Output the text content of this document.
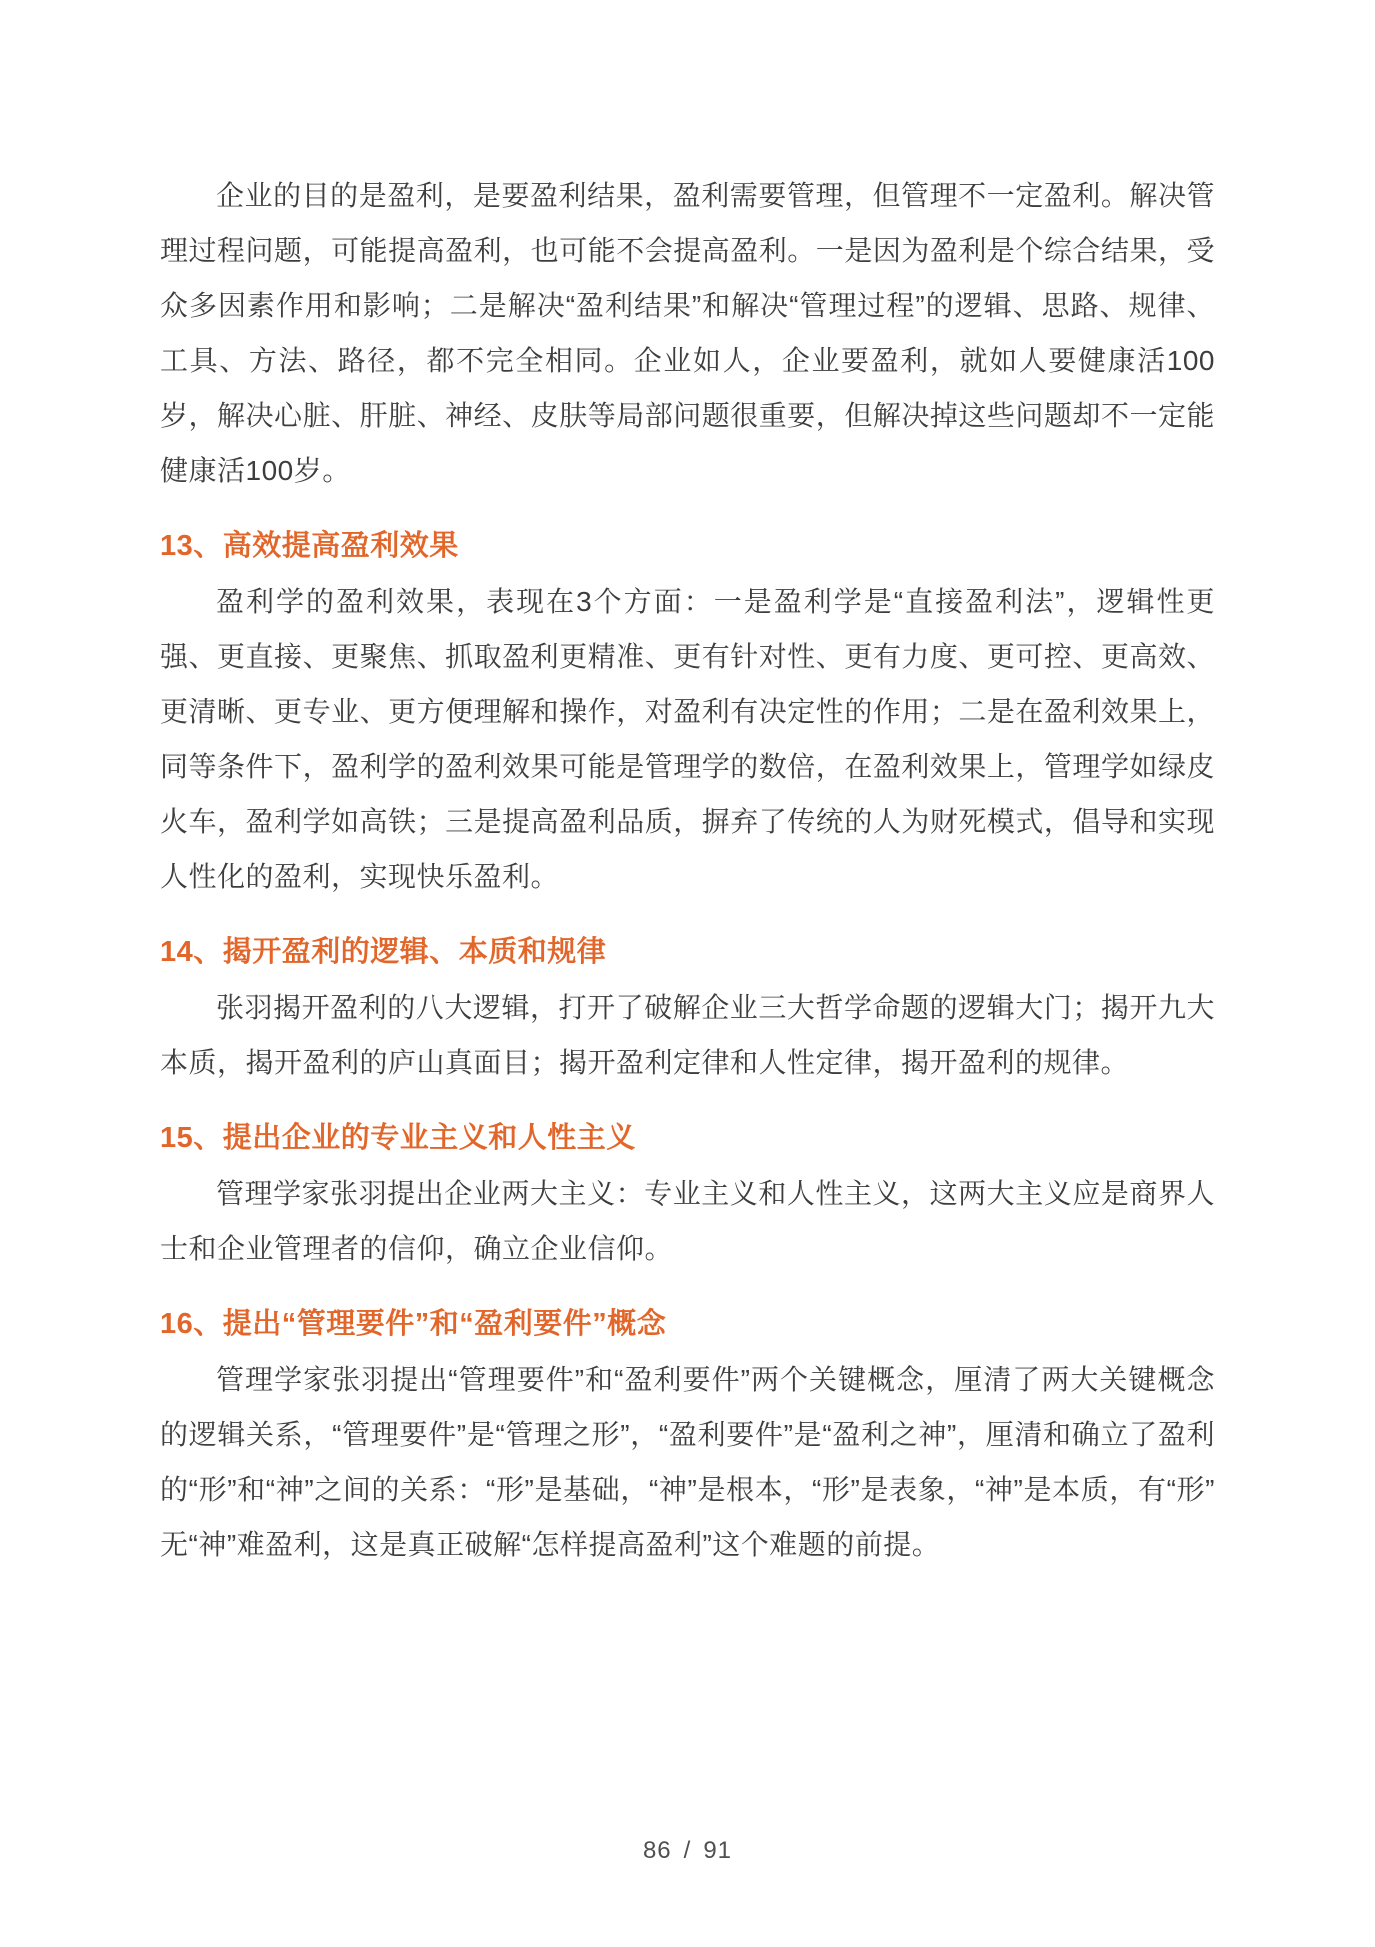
企业的目的是盈利，是要盈利结果，盈利需要管理，但管理不一定盈利。解决管理过程问题，可能提高盈利，也可能不会提高盈利。一是因为盈利是个综合结果，受众多因素作用和影响；二是解决“盈利结果”和解决“管理过程”的逻辑、思路、规律、工具、方法、路径，都不完全相同。企业如人，企业要盈利，就如人要健康活100岁，解决心脏、肝脏、神经、皮肤等局部问题很重要，但解决掉这些问题却不一定能健康活100岁。

13、高效提高盈利效果

盈利学的盈利效果，表现在3个方面：一是盈利学是“直接盈利法”，逻辑性更强、更直接、更聚焦、抓取盈利更精准、更有针对性、更有力度、更可控、更高效、更清晰、更专业、更方便理解和操作，对盈利有决定性的作用；二是在盈利效果上，同等条件下，盈利学的盈利效果可能是管理学的数倍，在盈利效果上，管理学如绿皮火车，盈利学如高铁；三是提高盈利品质，摒弃了传统的人为财死模式，倡导和实现人性化的盈利，实现快乐盈利。

14、揭开盈利的逻辑、本质和规律

张羽揭开盈利的八大逻辑，打开了破解企业三大哲学命题的逻辑大门；揭开九大本质，揭开盈利的庐山真面目；揭开盈利定律和人性定律，揭开盈利的规律。

15、提出企业的专业主义和人性主义

管理学家张羽提出企业两大主义：专业主义和人性主义，这两大主义应是商界人士和企业管理者的信仰，确立企业信仰。

16、提出“管理要件”和“盈利要件”概念

管理学家张羽提出“管理要件”和“盈利要件”两个关键概念，厘清了两大关键概念的逻辑关系，“管理要件”是“管理之形”，“盈利要件”是“盈利之神”，厘清和确立了盈利的“形”和“神”之间的关系：“形”是基础，“神”是根本，“形”是表象，“神”是本质，有“形”无“神”难盈利，这是真正破解“怎样提高盈利”这个难题的前提。

86 / 91
